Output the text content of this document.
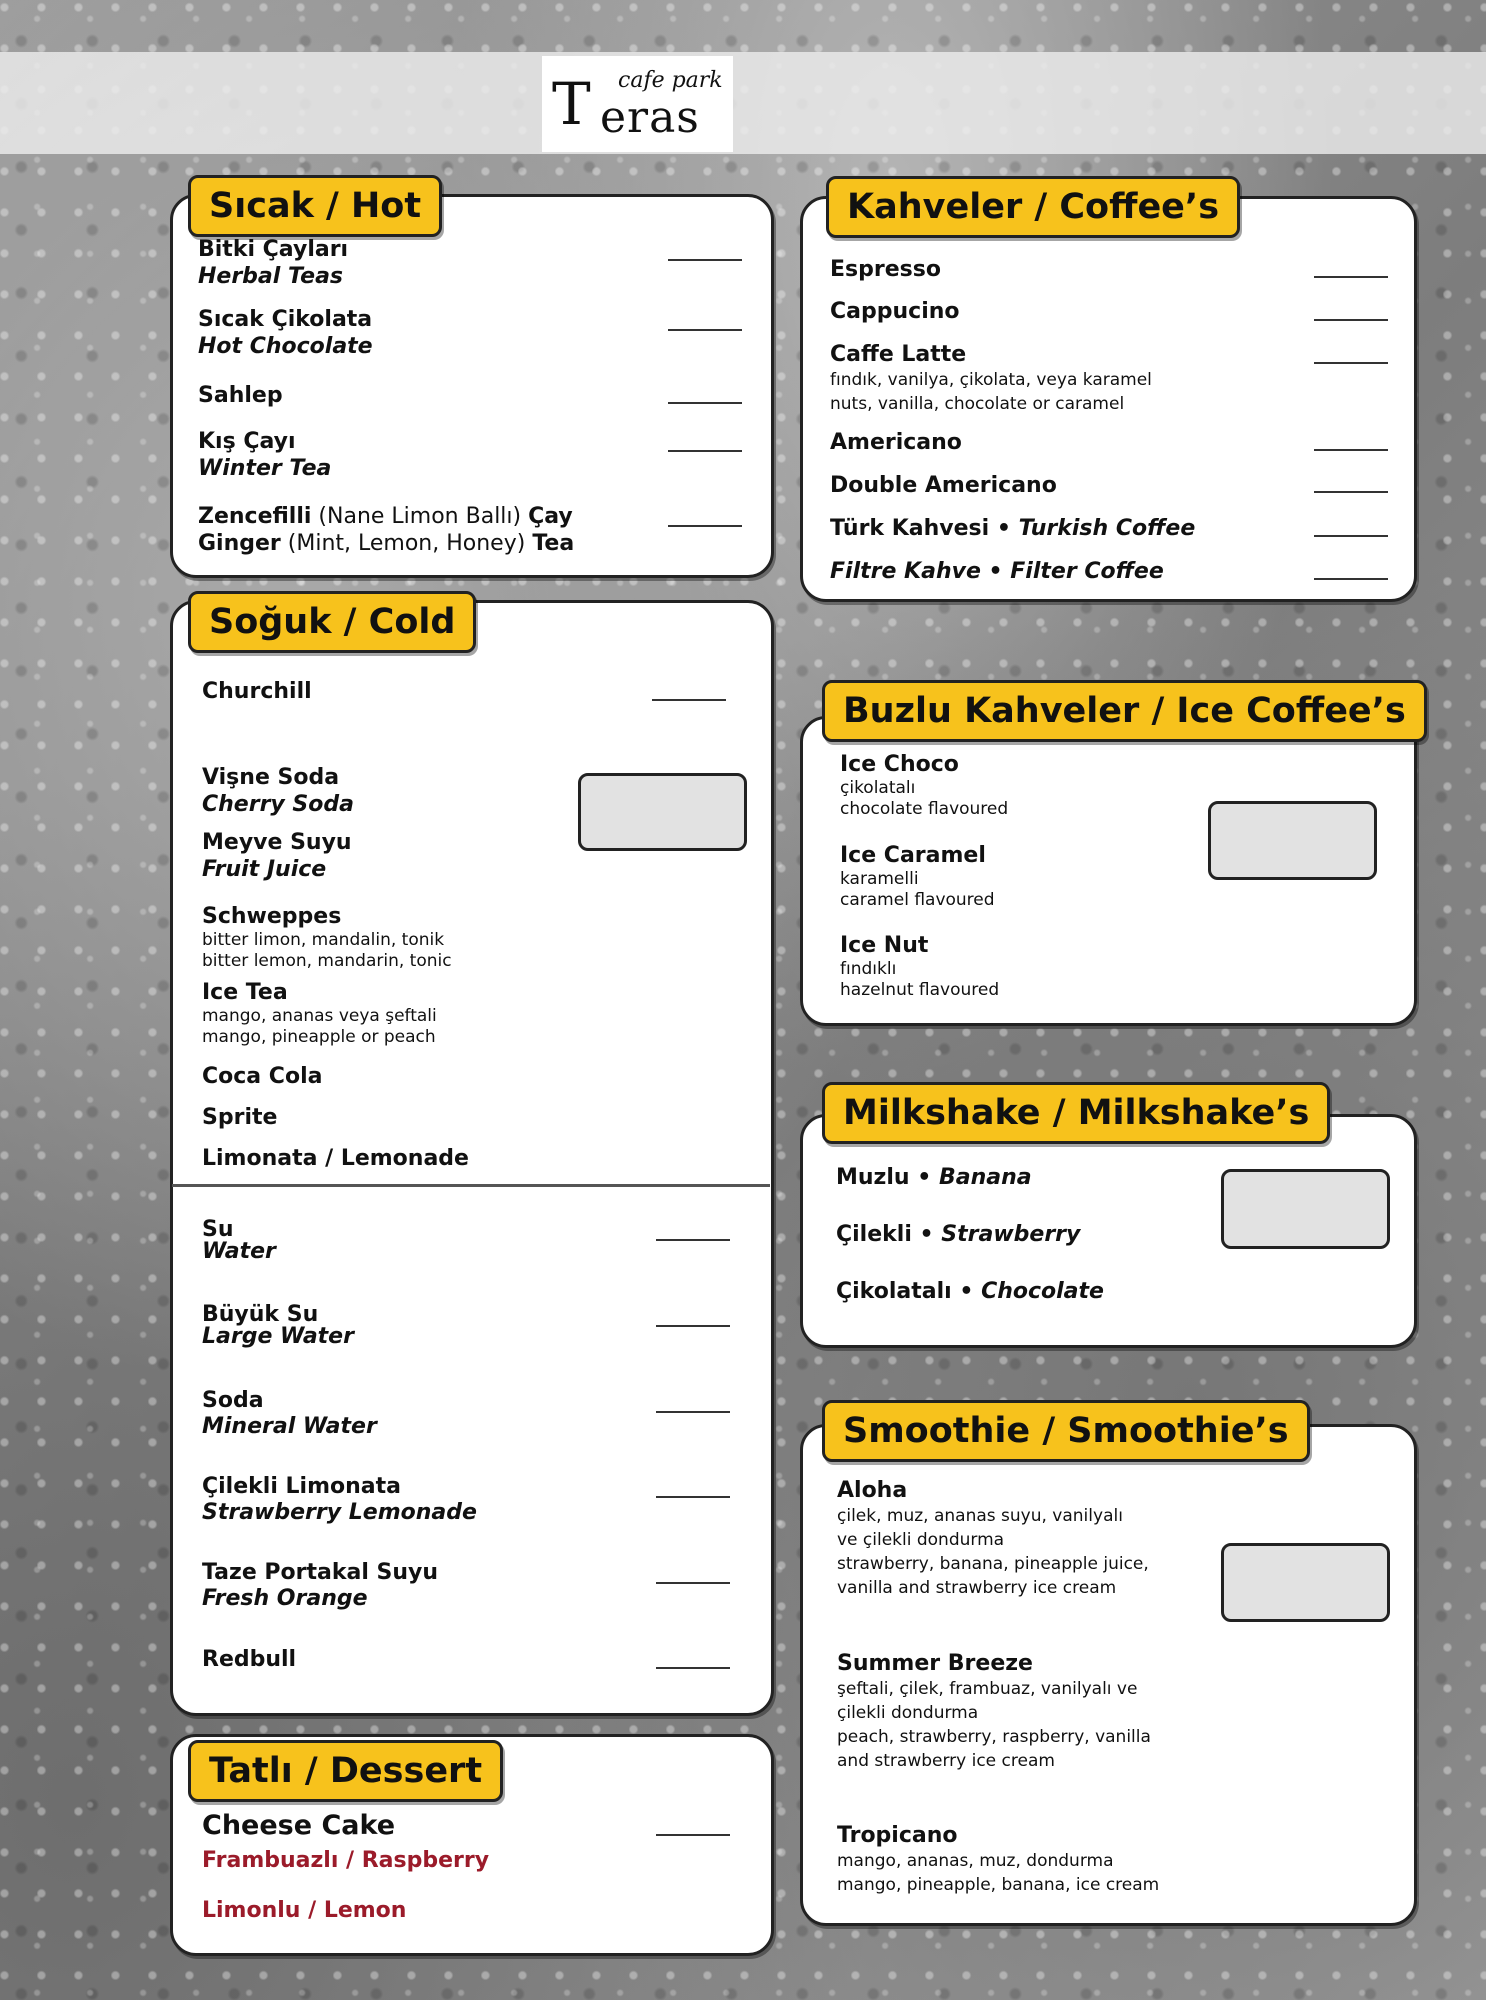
T cafe park
eras
Sıcak / Hot
Bitki Çayları
Herbal Teas
Sıcak Çikolata
Hot Chocolate
Sahlep
Kış Çayı
Winter Tea
Zencefilli (Nane Limon Ballı) Çay
Ginger (Mint, Lemon, Honey) Tea
Soğuk / Cold
Churchill
Vişne Soda
Cherry Soda
Meyve Suyu
Fruit Juice
Schweppes
bitter limon, mandalin, tonik
bitter lemon, mandarin, tonic
Ice Tea
mango, ananas veya şeftali
mango, pineapple or peach
Coca Cola
Sprite
Limonata / Lemonade
Su
Water
Büyük Su
Large Water
Soda
Mineral Water
Çilekli Limonata
Strawberry Lemonade
Taze Portakal Suyu
Fresh Orange
Redbull
Tatlı / Dessert
Cheese Cake
Frambuazlı / Raspberry
Limonlu / Lemon
Kahveler / Coffee’s
Espresso
Cappucino
Caffe Latte
fındık, vanilya, çikolata, veya karamel
nuts, vanilla, chocolate or caramel
Americano
Double Americano
Türk Kahvesi • Turkish Coffee
Filtre Kahve • Filter Coffee
Buzlu Kahveler / Ice Coffee’s
Ice Choco
çikolatalı
chocolate flavoured
Ice Caramel
karamelli
caramel flavoured
Ice Nut
fındıklı
hazelnut flavoured
Milkshake / Milkshake’s
Muzlu • Banana
Çilekli • Strawberry
Çikolatalı • Chocolate
Smoothie / Smoothie’s
Aloha
çilek, muz, ananas suyu, vanilyalı
ve çilekli dondurma
strawberry, banana, pineapple juice,
vanilla and strawberry ice cream
Summer Breeze
şeftali, çilek, frambuaz, vanilyalı ve
çilekli dondurma
peach, strawberry, raspberry, vanilla
and strawberry ice cream
Tropicano
mango, ananas, muz, dondurma
mango, pineapple, banana, ice cream
